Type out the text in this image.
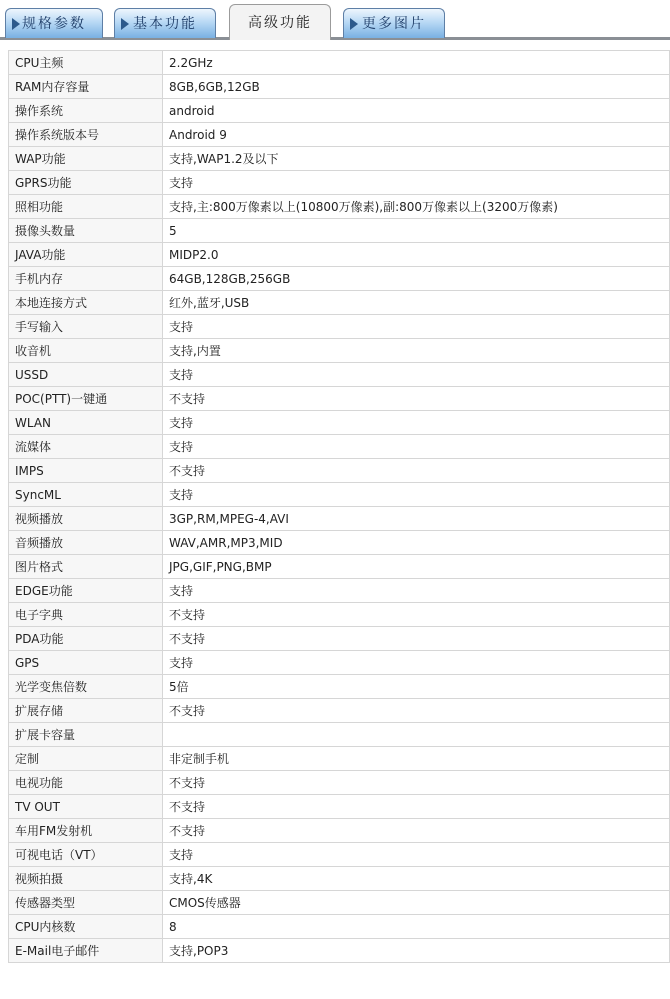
规格参数	基本功能	高级功能	更多图片
CPU主频	2.2GHz
RAM内存容量	8GB,6GB,12GB
操作系统	android
操作系统版本号	Android 9
WAP功能	支持,WAP1.2及以下
GPRS功能	支持
照相功能	支持,主:800万像素以上(10800万像素),副:800万像素以上(3200万像素)
摄像头数量	5
JAVA功能	MIDP2.0
手机内存	64GB,128GB,256GB
本地连接方式	红外,蓝牙,USB
手写输入	支持
收音机	支持,内置
USSD	支持
POC(PTT)一键通	不支持
WLAN	支持
流媒体	支持
IMPS	不支持
SyncML	支持
视频播放	3GP,RM,MPEG-4,AVI
音频播放	WAV,AMR,MP3,MID
图片格式	JPG,GIF,PNG,BMP
EDGE功能	支持
电子字典	不支持
PDA功能	不支持
GPS	支持
光学变焦倍数	5倍
扩展存储	不支持
扩展卡容量	
定制	非定制手机
电视功能	不支持
TV OUT	不支持
车用FM发射机	不支持
可视电话（VT）	支持
视频拍摄	支持,4K
传感器类型	CMOS传感器
CPU内核数	8
E-Mail电子邮件	支持,POP3
